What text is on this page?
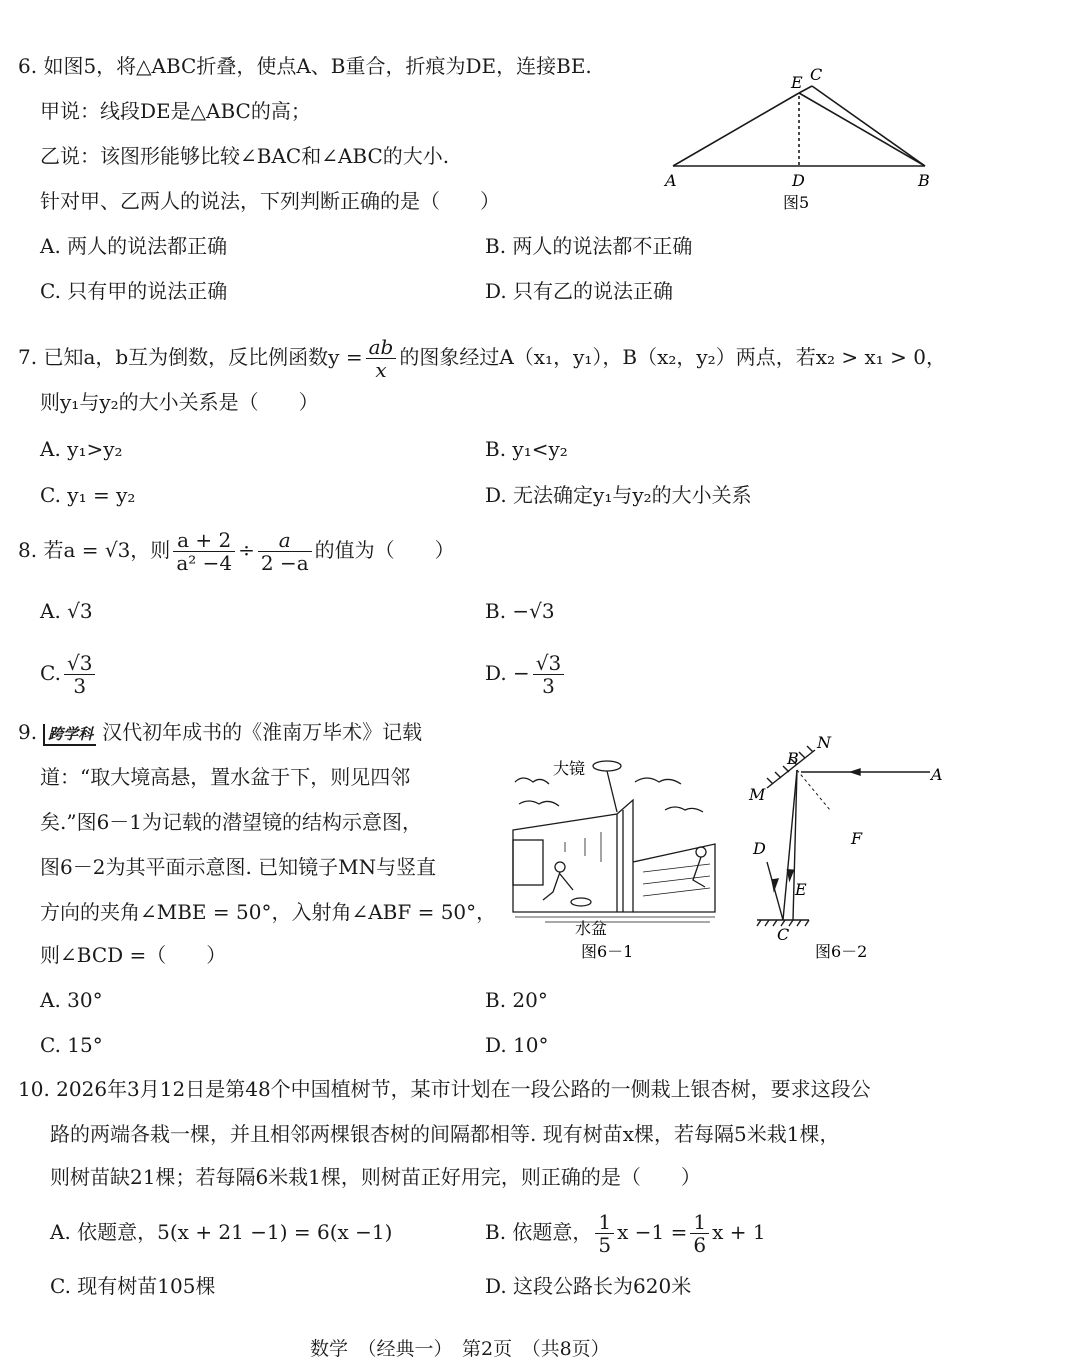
6. 如图5，将△ABC折叠，使点A、B重合，折痕为DE，连接BE.
甲说：线段DE是△ABC的高；
乙说：该图形能够比较∠BAC和∠ABC的大小.
针对甲、乙两人的说法，下列判断正确的是（　　）
A. 两人的说法都正确	B. 两人的说法都不正确
C. 只有甲的说法正确	D. 只有乙的说法正确
A	B
C
E
D
图5
7. 已知a，b互为倒数，反比例函数$y = \frac{ab}{x}$ 的图象经过A（x₁，y₁），B（x₂，y₂）两点，若x₂ > x₁ > 0，
则y₁与y₂的大小关系是（　　）
A. y₁>y₂	B. y₁<y₂
C. y₁ = y₂	D. 无法确定y₁与y₂的大小关系
8. 若a = √3，则 $\frac{a + 2}{\text{a² −4}} \div \frac{a}{2 -a}$ 的值为（　　）
A. √3	B. −√3
C. $\frac{√3}{3}$	D. − $\frac{√3}{3}$
9. 跨学科 汉代初年成书的《淮南万毕术》记载
道：“取大境高悬，置水盆于下，则见四邻
矣.”图6－1为记载的潜望镜的结构示意图，
图6－2为其平面示意图. 已知镜子MN与竖直
方向的夹角∠MBE = 50°，入射角∠ABF = 50°，
则∠BCD =（　　）
A. 30°	B. 20°
C. 15°	D. 10°
大镜
水盆
图6－1
B
N
A
M
F
D
E
C
图6－2
10. 2026年3月12日是第48个中国植树节，某市计划在一段公路的一侧栽上银杏树，要求这段公
路的两端各栽一棵，并且相邻两棵银杏树的间隔都相等. 现有树苗x棵，若每隔5米栽1棵，
则树苗缺21棵；若每隔6米栽1棵，则树苗正好用完，则正确的是（　　）
A. 依题意，5(x + 21 −1) = 6(x −1)	B. 依题意， $\frac{1}{5}$ $x -1 = \frac{1}{6}$ x + 1
C. 现有树苗105棵	D. 这段公路长为620米
数学　（经典一）　第2页　（共8页）
